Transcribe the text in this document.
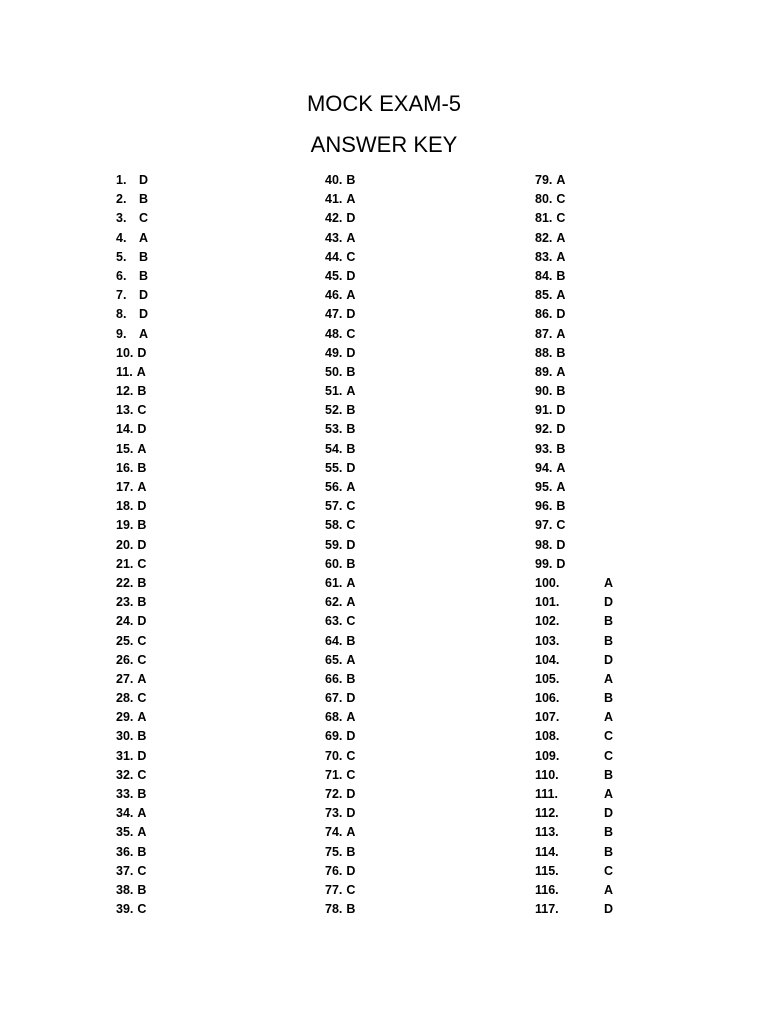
MOCK EXAM-5
ANSWER KEY
1. D
2. B
3. C
4. A
5. B
6. B
7. D
8. D
9. A
10. D
11. A
12. B
13. C
14. D
15. A
16. B
17. A
18. D
19. B
20. D
21. C
22. B
23. B
24. D
25. C
26. C
27. A
28. C
29. A
30. B
31. D
32. C
33. B
34. A
35. A
36. B
37. C
38. B
39. C
40. B
41. A
42. D
43. A
44. C
45. D
46. A
47. D
48. C
49. D
50. B
51. A
52. B
53. B
54. B
55. D
56. A
57. C
58. C
59. D
60. B
61. A
62. A
63. C
64. B
65. A
66. B
67. D
68. A
69. D
70. C
71. C
72. D
73. D
74. A
75. B
76. D
77. C
78. B
79. A
80. C
81. C
82. A
83. A
84. B
85. A
86. D
87. A
88. B
89. A
90. B
91. D
92. D
93. B
94. A
95. A
96. B
97. C
98. D
99. D
100.	A
101.	D
102.	B
103.	B
104.	D
105.	A
106.	B
107.	A
108.	C
109.	C
110.	B
111.	A
112.	D
113.	B
114.	B
115.	C
116.	A
117.	D
